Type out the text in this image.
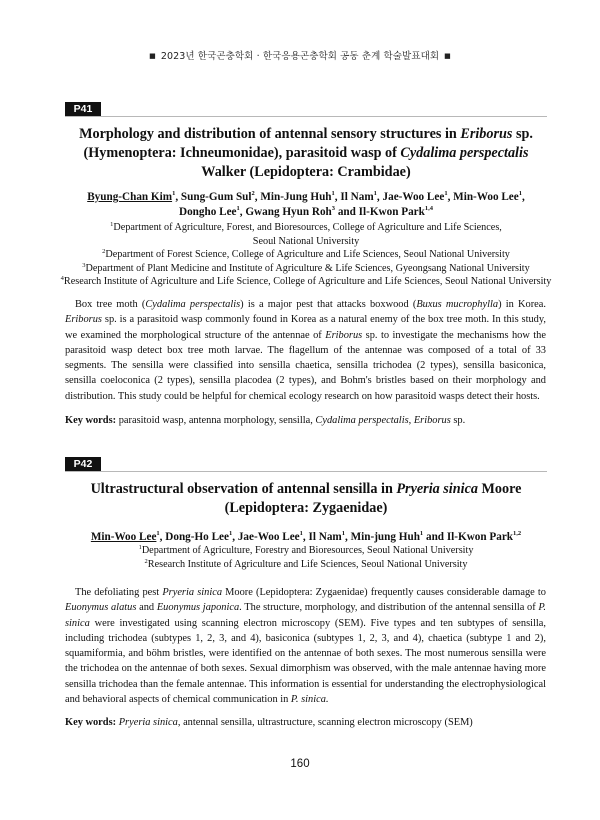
■ 2023년 한국곤충학회 · 한국응용곤충학회 공동 춘계 학술발표대회 ■
P41
Morphology and distribution of antennal sensory structures in Eriborus sp. (Hymenoptera: Ichneumonidae), parasitoid wasp of Cydalima perspectalis Walker (Lepidoptera: Crambidae)
Byung-Chan Kim$^1$, Sung-Gum Sul$^2$, Min-Jung Huh$^1$, Il Nam$^1$, Jae-Woo Lee$^1$, Min-Woo Lee$^1$,
Dongho Lee$^1$, Gwang Hyun Roh$^3$ and Il-Kwon Park$^{1,4}$
$^1$Department of Agriculture, Forest, and Bioresources, College of Agriculture and Life Sciences,
Seoul National University
$^2$Department of Forest Science, College of Agriculture and Life Sciences, Seoul National University
$^3$Department of Plant Medicine and Institute of Agriculture & Life Sciences, Gyeongsang National University
$^4$Research Institute of Agriculture and Life Science, College of Agriculture and Life Sciences, Seoul National University

Box tree moth (Cydalima perspectalis) is a major pest that attacks boxwood (Buxus mucrophylla) in Korea. Eriborus sp. is a parasitoid wasp commonly found in Korea as a natural enemy of the box tree moth. In this study, we examined the morphological structure of the antennae of Eriborus sp. to investigate the mechanisms how the parasitoid wasp detect box tree moth larvae. The flagellum of the antennae was composed of a total of 33 segments. The sensilla were classified into sensilla chaetica, sensilla trichodea (2 types), sensilla basiconica, sensilla coeloconica (2 types), sensilla placodea (2 types), and Bohm's bristles based on their morphology and distribution. This study could be helpful for chemical ecology research on how parasitoid wasps detect their hosts.

Key words: parasitoid wasp, antenna morphology, sensilla, Cydalima perspectalis, Eriborus sp.
P42
Ultrastructural observation of antennal sensilla in Pryeria sinica Moore (Lepidoptera: Zygaenidae)
Min-Woo Lee$^1$, Dong-Ho Lee$^1$, Jae-Woo Lee$^1$, Il Nam$^1$, Min-jung Huh$^1$ and Il-Kwon Park$^{1,2}$
$^1$Department of Agriculture, Forestry and Bioresources, Seoul National University
$^2$Research Institute of Agriculture and Life Sciences, Seoul National University

The defoliating pest Pryeria sinica Moore (Lepidoptera: Zygaenidae) frequently causes considerable damage to Euonymus alatus and Euonymus japonica. The structure, morphology, and distribution of the antennal sensilla of P. sinica were investigated using scanning electron microscopy (SEM). Five types and ten subtypes of sensilla, including trichodea (subtypes 1, 2, 3, and 4), basiconica (subtypes 1, 2, 3, and 4), chaetica (subtype 1 and 2), squamiformia, and böhm bristles, were identified on the antennae of both sexes. The most numerous sensilla were the trichodea on the antennae of both sexes. Sexual dimorphism was observed, with the male antennae having more sensilla trichodea than the female antennae. This information is essential for understanding the electrophysiological and behavioral aspects of chemical communication in P. sinica.

Key words: Pryeria sinica, antennal sensilla, ultrastructure, scanning electron microscopy (SEM)
160
